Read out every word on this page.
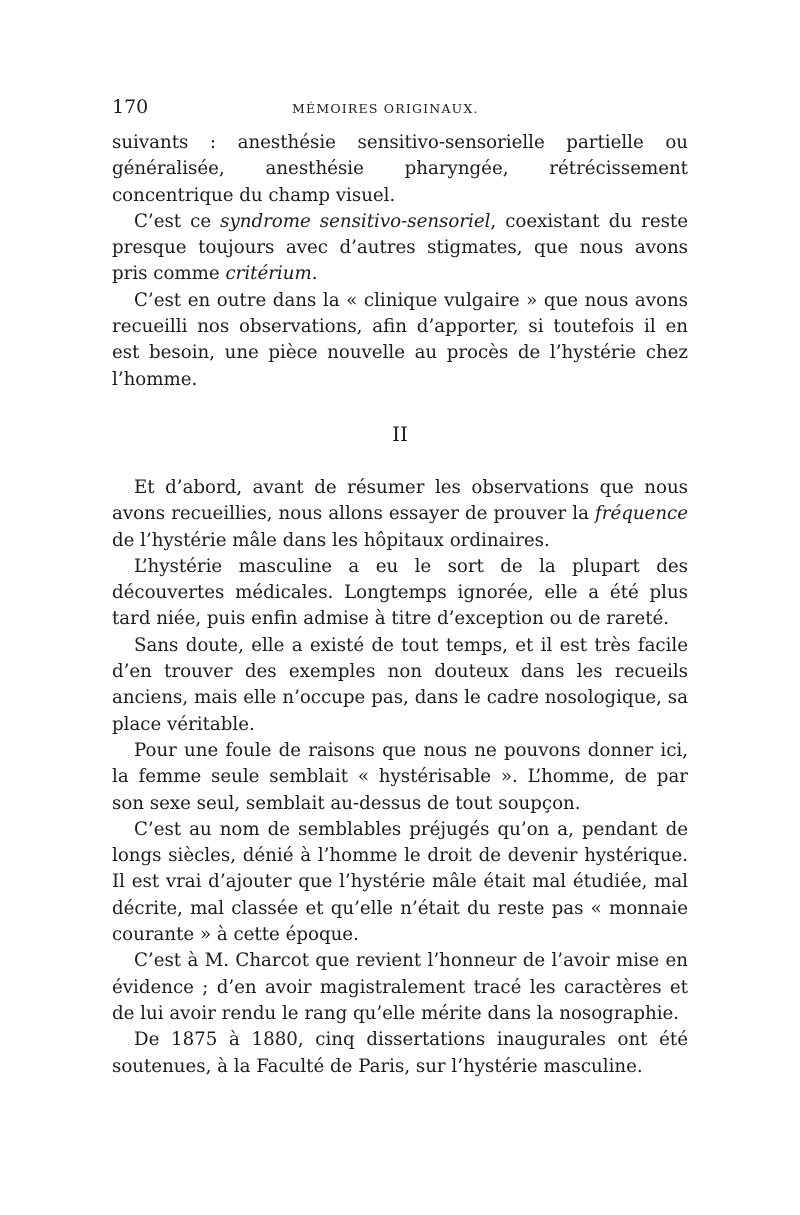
170	MÉMOIRES ORIGINAUX.

suivants : anesthésie sensitivo-sensorielle partielle ou généralisée, anesthésie pharyngée, rétrécissement concentrique du champ visuel.

C’est ce syndrome sensitivo-sensoriel, coexistant du reste presque toujours avec d’autres stigmates, que nous avons pris comme critérium.

C’est en outre dans la « clinique vulgaire » que nous avons recueilli nos observations, afin d’apporter, si toutefois il en est besoin, une pièce nouvelle au procès de l’hystérie chez l’homme.

II

Et d’abord, avant de résumer les observations que nous avons recueillies, nous allons essayer de prouver la fréquence de l’hystérie mâle dans les hôpitaux ordinaires.

L’hystérie masculine a eu le sort de la plupart des découvertes médicales. Longtemps ignorée, elle a été plus tard niée, puis enfin admise à titre d’exception ou de rareté.

Sans doute, elle a existé de tout temps, et il est très facile d’en trouver des exemples non douteux dans les recueils anciens, mais elle n’occupe pas, dans le cadre nosologique, sa place véritable.

Pour une foule de raisons que nous ne pouvons donner ici, la femme seule semblait « hystérisable ». L’homme, de par son sexe seul, semblait au-dessus de tout soupçon.

C’est au nom de semblables préjugés qu’on a, pendant de longs siècles, dénié à l’homme le droit de devenir hystérique. Il est vrai d’ajouter que l’hystérie mâle était mal étudiée, mal décrite, mal classée et qu’elle n’était du reste pas « monnaie courante » à cette époque.

C’est à M. Charcot que revient l’honneur de l’avoir mise en évidence ; d’en avoir magistralement tracé les caractères et de lui avoir rendu le rang qu’elle mérite dans la nosographie.

De 1875 à 1880, cinq dissertations inaugurales ont été soutenues, à la Faculté de Paris, sur l’hystérie masculine.
